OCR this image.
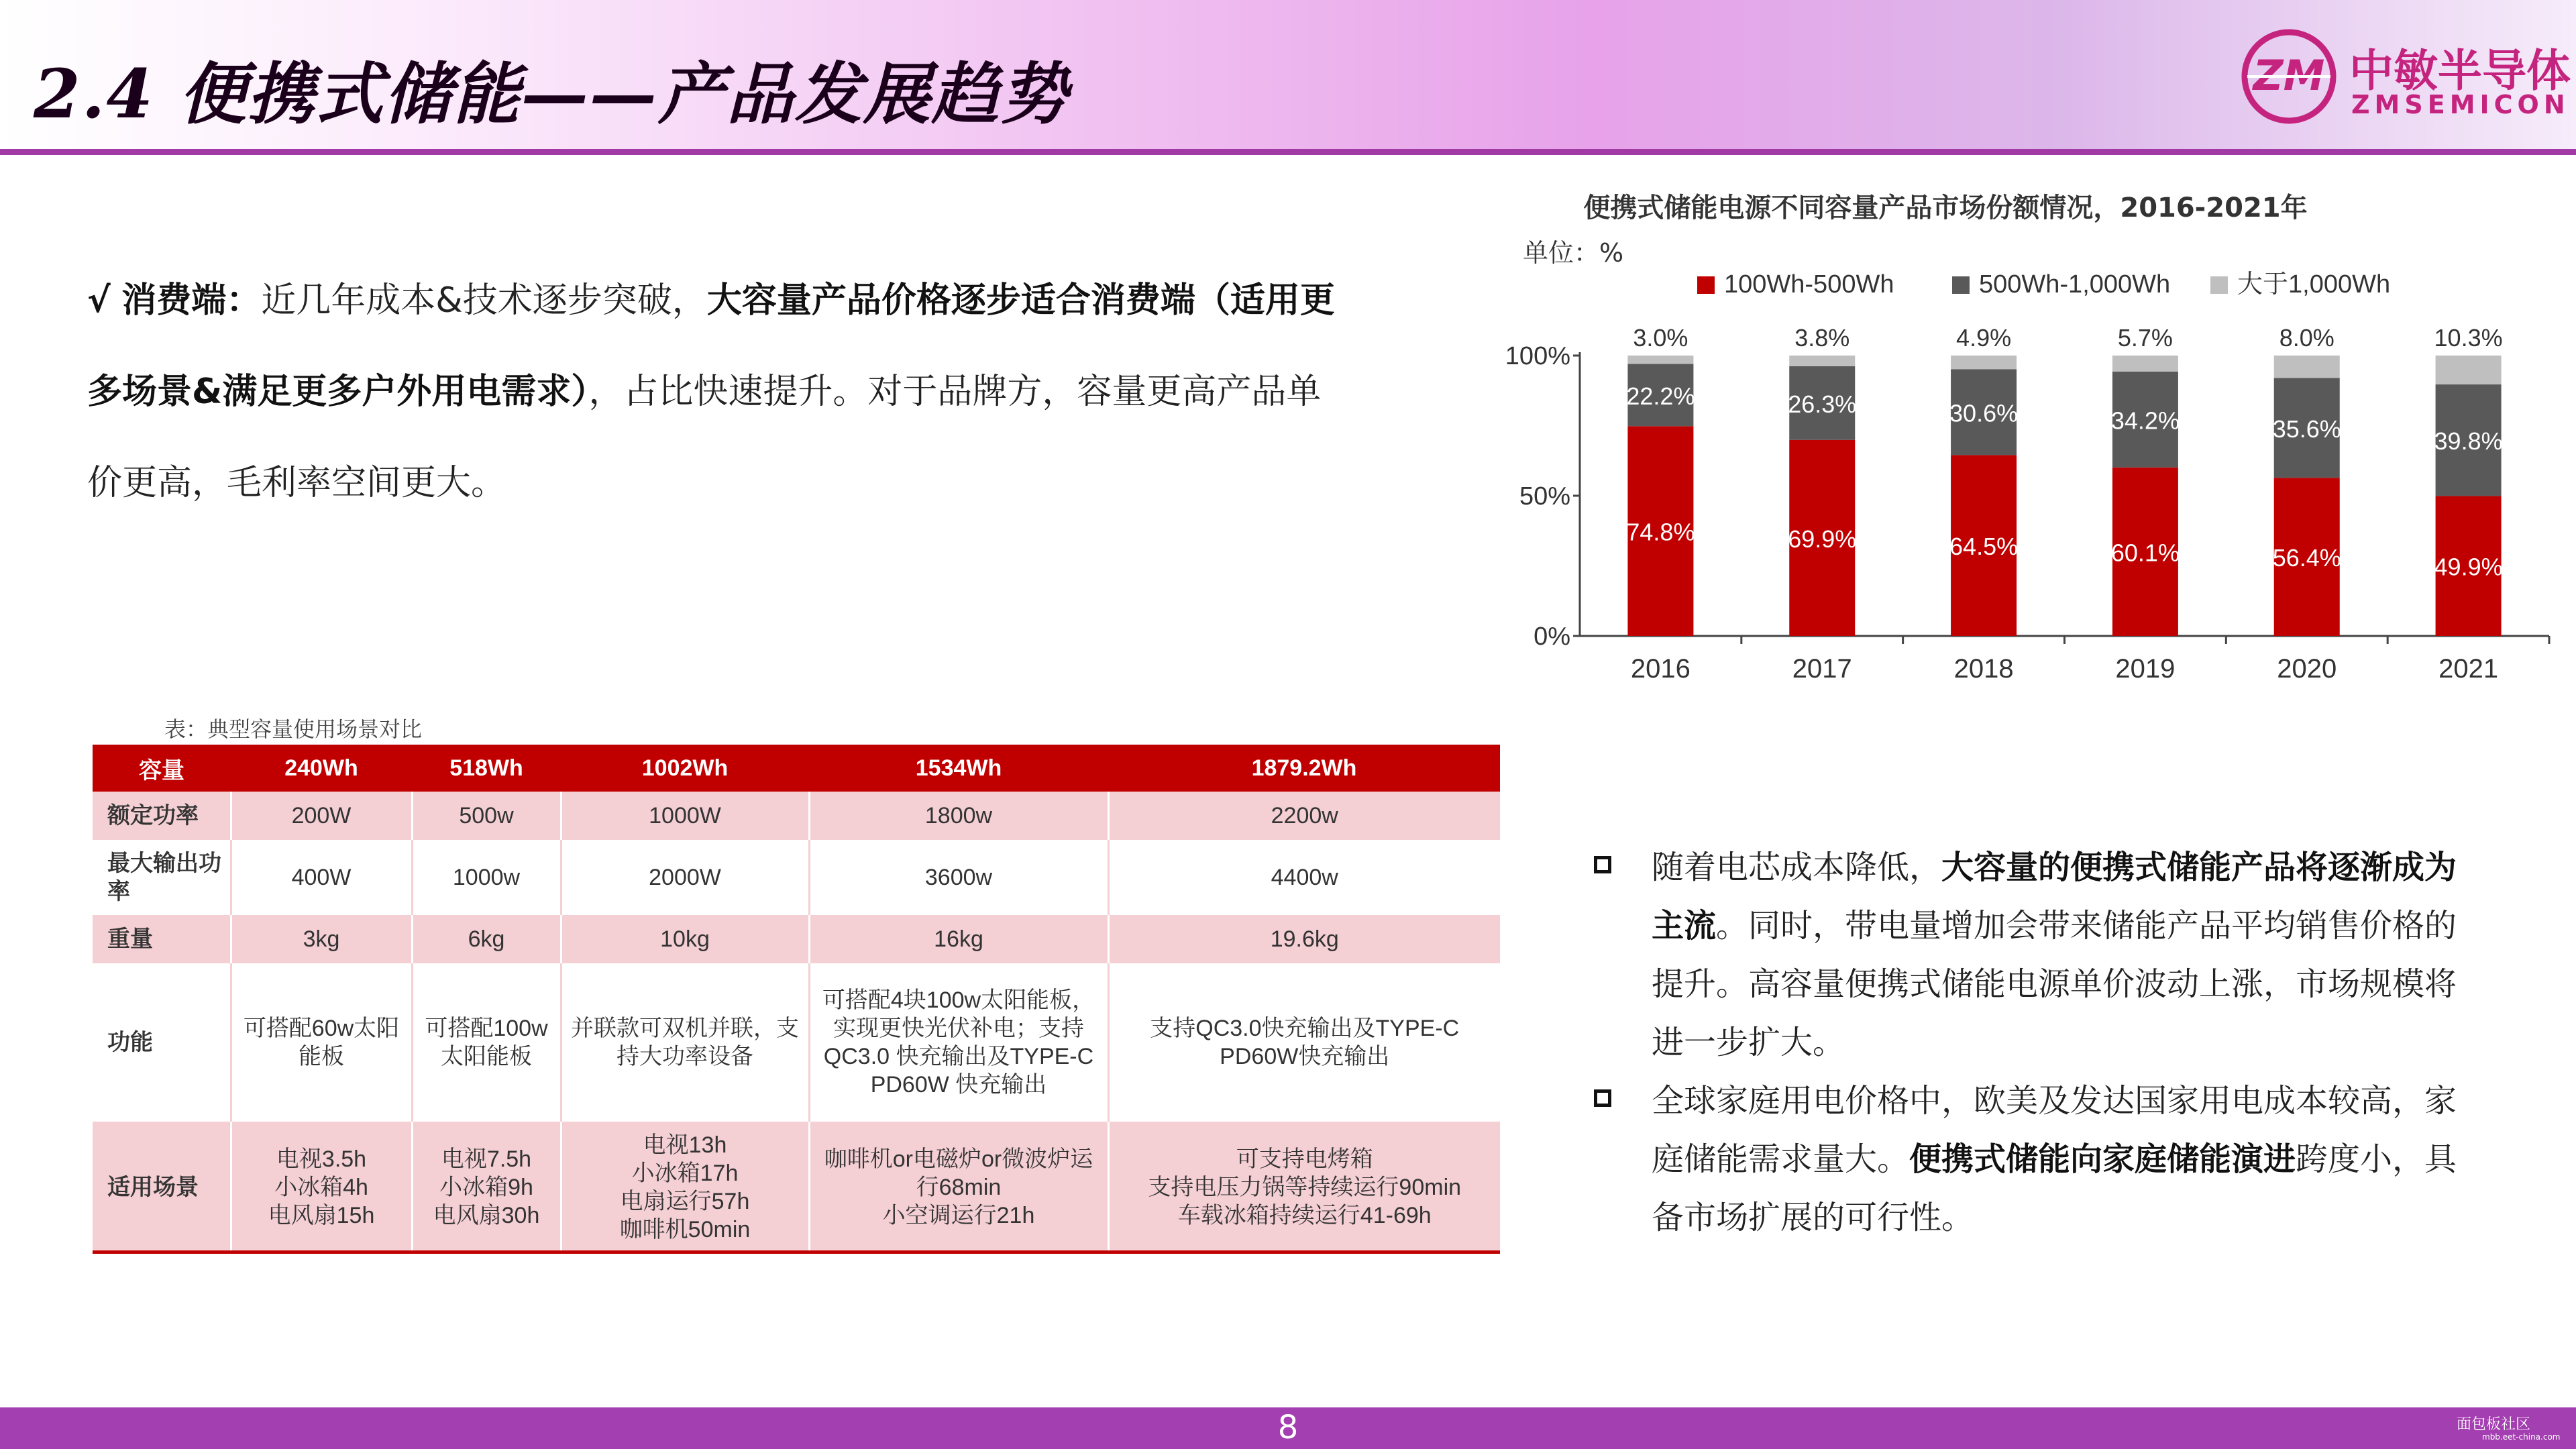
2.4 便携式储能——产品发展趋势	ZM 中敏半导体
ZMSEMICON
√ 消费端：近几年成本&技术逐步突破，大容量产品价格逐步适合消费端（适用更多场景&满足更多户外用电需求），占比快速提升。对于品牌方，容量更高产品单价更高，毛利率空间更大。
便携式储能电源不同容量产品市场份额情况，2016-2021年
单位：%
100Wh-500Wh	500Wh-1,000Wh	大于1,000Wh
0%
50%
100%
74.8%
22.2%
3.0%
2016
69.9%
26.3%
3.8%
2017
64.5%
30.6%
4.9%
2018
60.1%
34.2%
5.7%
2019
56.4%
35.6%
8.0%
2020
49.9%
39.8%
10.3%
2021
表：典型容量使用场景对比
容量	240Wh	518Wh	1002Wh	1534Wh	1879.2Wh
额定功率	200W	500w	1000W	1800w	2200w
最大输出功率	400W	1000w	2000W	3600w	4400w
重量	3kg	6kg	10kg	16kg	19.6kg
功能	可搭配60w太阳能板	可搭配100w太阳能板	并联款可双机并联，支持大功率设备	可搭配4块100w太阳能板，实现更快光伏补电；支持QC3.0 快充输出及TYPE-C PD60W 快充输出	支持QC3.0快充输出及TYPE-C PD60W快充输出
适用场景	电视3.5h
小冰箱4h
电风扇15h	电视7.5h
小冰箱9h
电风扇30h	电视13h
小冰箱17h
电扇运行57h
咖啡机50min	咖啡机or电磁炉or微波炉运行68min
小空调运行21h	可支持电烤箱
支持电压力锅等持续运行90min
车载冰箱持续运行41-69h
随着电芯成本降低，大容量的便携式储能产品将逐渐成为主流。同时，带电量增加会带来储能产品平均销售价格的提升。高容量便携式储能电源单价波动上涨，市场规模将进一步扩大。
全球家庭用电价格中，欧美及发达国家用电成本较高，家庭储能需求量大。便携式储能向家庭储能演进跨度小，具备市场扩展的可行性。
8	面包板社区
mbb.eet-china.com
